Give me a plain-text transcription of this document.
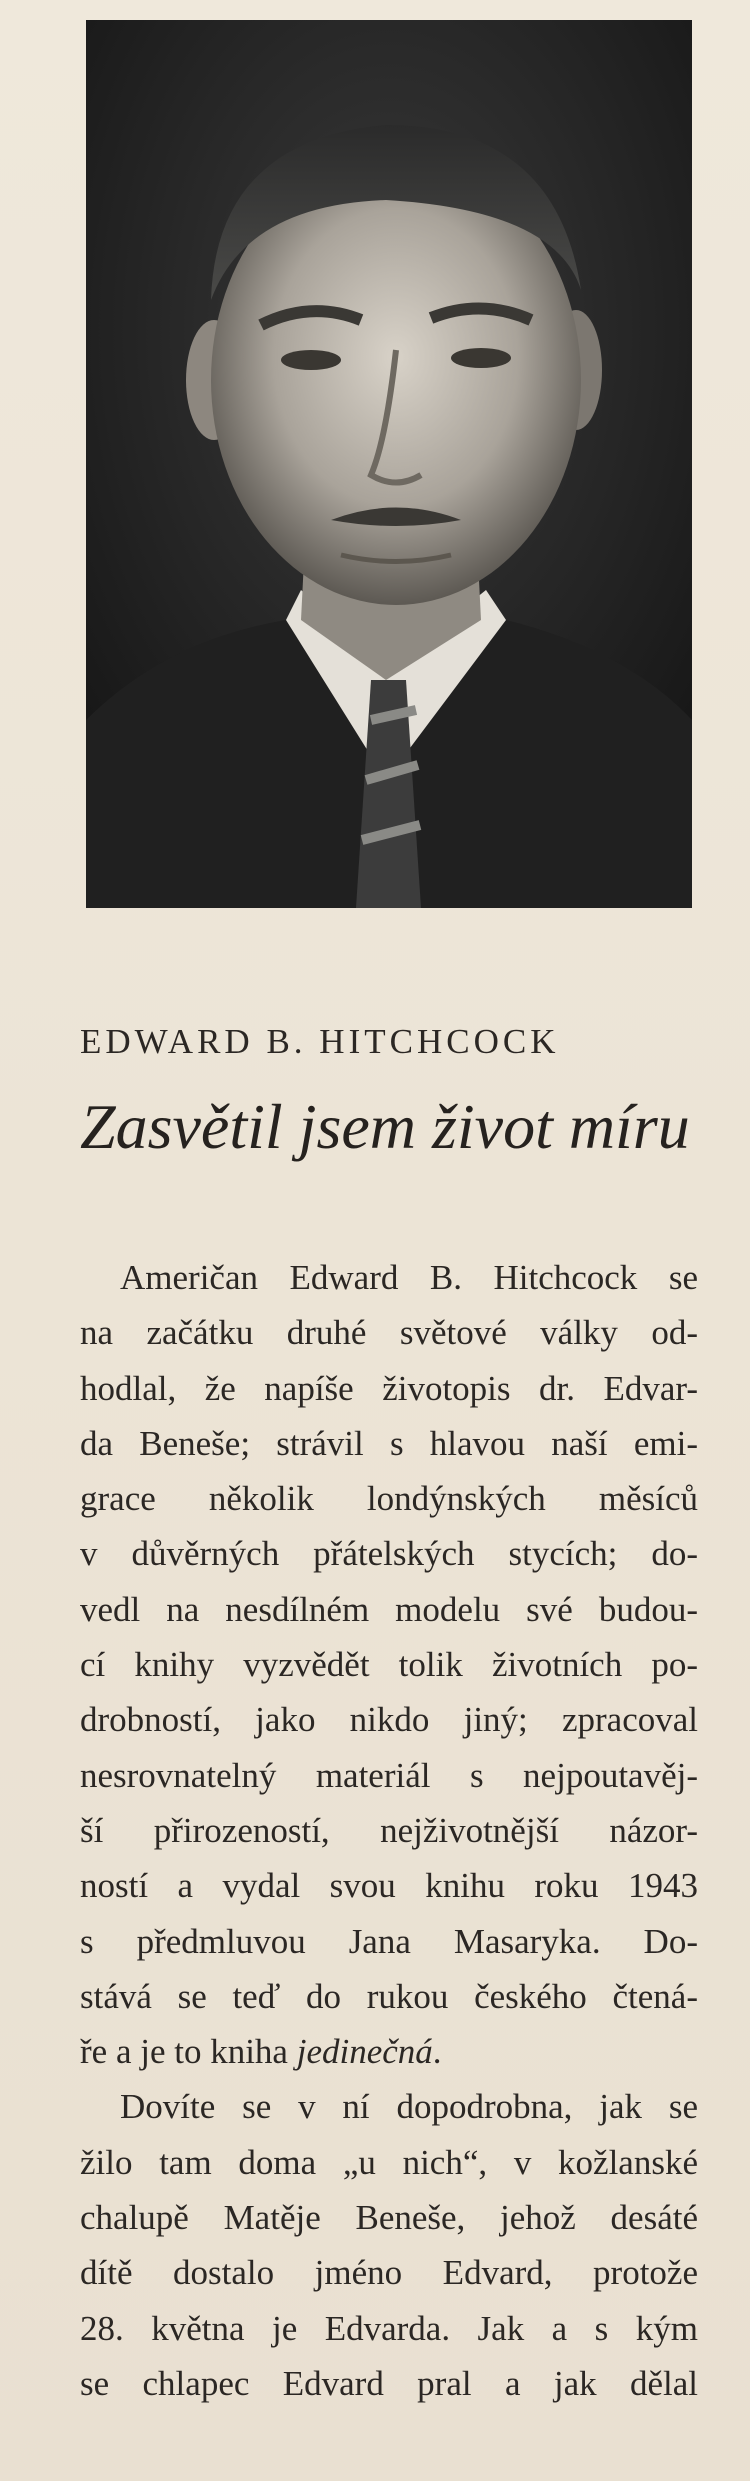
EDWARD B. HITCHCOCK
Zasvětil jsem život míru
Američan Edward B. Hitchcock se
na začátku druhé světové války od-
hodlal, že napíše životopis dr. Edvar-
da Beneše; strávil s hlavou naší emi-
grace několik londýnských měsíců
v důvěrných přátelských stycích; do-
vedl na nesdílném modelu své budou-
cí knihy vyzvědět tolik životních po-
drobností, jako nikdo jiný; zpracoval
nesrovnatelný materiál s nejpoutavěj-
ší přirozeností, nejživotnější názor-
ností a vydal svou knihu roku 1943
s předmluvou Jana Masaryka. Do-
stává se teď do rukou českého čtená-
ře a je to kniha jedinečná.
Dovíte se v ní dopodrobna, jak se
žilo tam doma „u nich“, v kožlanské
chalupě Matěje Beneše, jehož desáté
dítě dostalo jméno Edvard, protože
28. května je Edvarda. Jak a s kým
se chlapec Edvard pral a jak dělal
